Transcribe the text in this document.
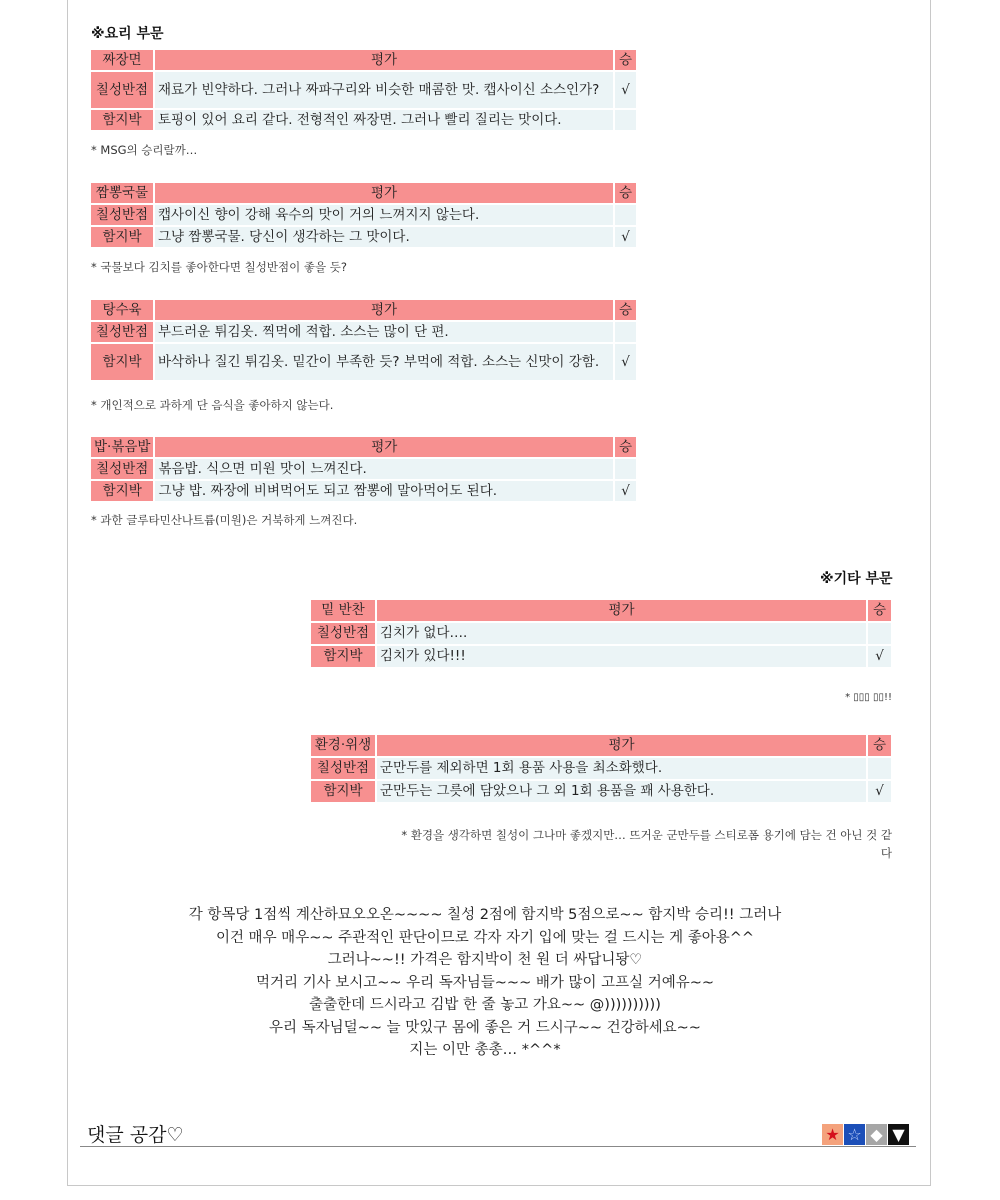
※요리 부문
짜장면	평가	승
칠성반점	재료가 빈약하다. 그러나 짜파구리와 비슷한 매콤한 맛. 캡사이신 소스인가?	√
함지박	토핑이 있어 요리 같다. 전형적인 짜장면. 그러나 빨리 질리는 맛이다.	
* MSG의 승리랄까…
짬뽕국물	평가	승
칠성반점	캡사이신 향이 강해 육수의 맛이 거의 느껴지지 않는다.	
함지박	그냥 짬뽕국물. 당신이 생각하는 그 맛이다.	√
* 국물보다 김치를 좋아한다면 칠성반점이 좋을 듯?
탕수육	평가	승
칠성반점	부드러운 튀김옷. 찍먹에 적합. 소스는 많이 단 편.	
함지박	바삭하나 질긴 튀김옷. 밑간이 부족한 듯? 부먹에 적합. 소스는 신맛이 강함.	√
* 개인적으로 과하게 단 음식을 좋아하지 않는다.
밥·볶음밥	평가	승
칠성반점	볶음밥. 식으면 미원 맛이 느껴진다.	
함지박	그냥 밥. 짜장에 비벼먹어도 되고 짬뽕에 말아먹어도 된다.	√
* 과한 글루타민산나트륨(미원)은 거북하게 느껴진다.
※기타 부문
밑 반찬	평가	승
칠성반점	김치가 없다….	
함지박	김치가 있다!!!	√
* ▯▯▯ ▯▯!!
환경·위생	평가	승
칠성반점	군만두를 제외하면 1회 용품 사용을 최소화했다.	
함지박	군만두는 그릇에 담았으나 그 외 1회 용품을 꽤 사용한다.	√
* 환경을 생각하면 칠성이 그나마 좋겠지만… 뜨거운 군만두를 스티로폼 용기에 담는 건 아닌 것 같다
각 항목당 1점씩 계산하묘오오온~~~~ 칠성 2점에 함지박 5점으로~~ 함지박 승리!! 그러나
이건 매우 매우~~ 주관적인 판단이므로 각자 자기 입에 맞는 걸 드시는 게 좋아용^^
그러나~~!! 가격은 함지박이 천 원 더 싸답니돵♡
먹거리 기사 보시고~~ 우리 독자님들~~~ 배가 많이 고프실 거예유~~
출출한데 드시라고 김밥 한 줄 놓고 가요~~ @))))))))))
우리 독자님덜~~ 늘 맛있구 몸에 좋은 거 드시구~~ 건강하세요~~
지는 이만 총총… *^^*
댓글 공감♡	★ ☆ ◆ ▼
